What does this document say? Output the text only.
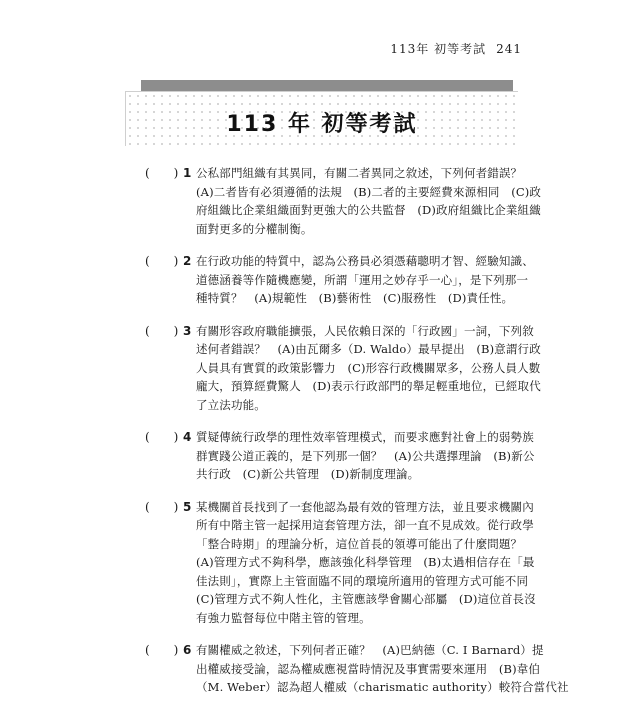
113年 初等考試 241
113 年 初等考試
(　　) 1 公私部門組織有其異同，有關二者異同之敘述，下列何者錯誤？
(A)二者皆有必須遵循的法規　(B)二者的主要經費來源相同　(C)政
府組織比企業組織面對更強大的公共監督　(D)政府組織比企業組織
面對更多的分權制衡。
(　　) 2 在行政功能的特質中，認為公務員必須憑藉聰明才智、經驗知識、
道德涵養等作隨機應變，所謂「運用之妙存乎一心」，是下列那一
種特質？　(A)規範性　(B)藝術性　(C)服務性　(D)責任性。
(　　) 3 有關形容政府職能擴張，人民依賴日深的「行政國」一詞，下列敘
述何者錯誤？　(A)由瓦爾多（D. Waldo）最早提出　(B)意謂行政
人員具有實質的政策影響力　(C)形容行政機關眾多，公務人員人數
龐大，預算經費驚人　(D)表示行政部門的舉足輕重地位，已經取代
了立法功能。
(　　) 4 質疑傳統行政學的理性效率管理模式，而要求應對社會上的弱勢族
群實踐公道正義的，是下列那一個？　(A)公共選擇理論　(B)新公
共行政　(C)新公共管理　(D)新制度理論。
(　　) 5 某機關首長找到了一套他認為最有效的管理方法，並且要求機關內
所有中階主管一起採用這套管理方法，卻一直不見成效。從行政學
「整合時期」的理論分析，這位首長的領導可能出了什麼問題？
(A)管理方式不夠科學，應該強化科學管理　(B)太過相信存在「最
佳法則」，實際上主管面臨不同的環境所適用的管理方式可能不同
(C)管理方式不夠人性化，主管應該學會關心部屬　(D)這位首長沒
有強力監督每位中階主管的管理。
(　　) 6 有關權威之敘述，下列何者正確？　(A)巴納德（C. I Barnard）提
出權威接受論，認為權威應視當時情況及事實需要來運用　(B)韋伯
（M. Weber）認為超人權威（charismatic authority）較符合當代社
